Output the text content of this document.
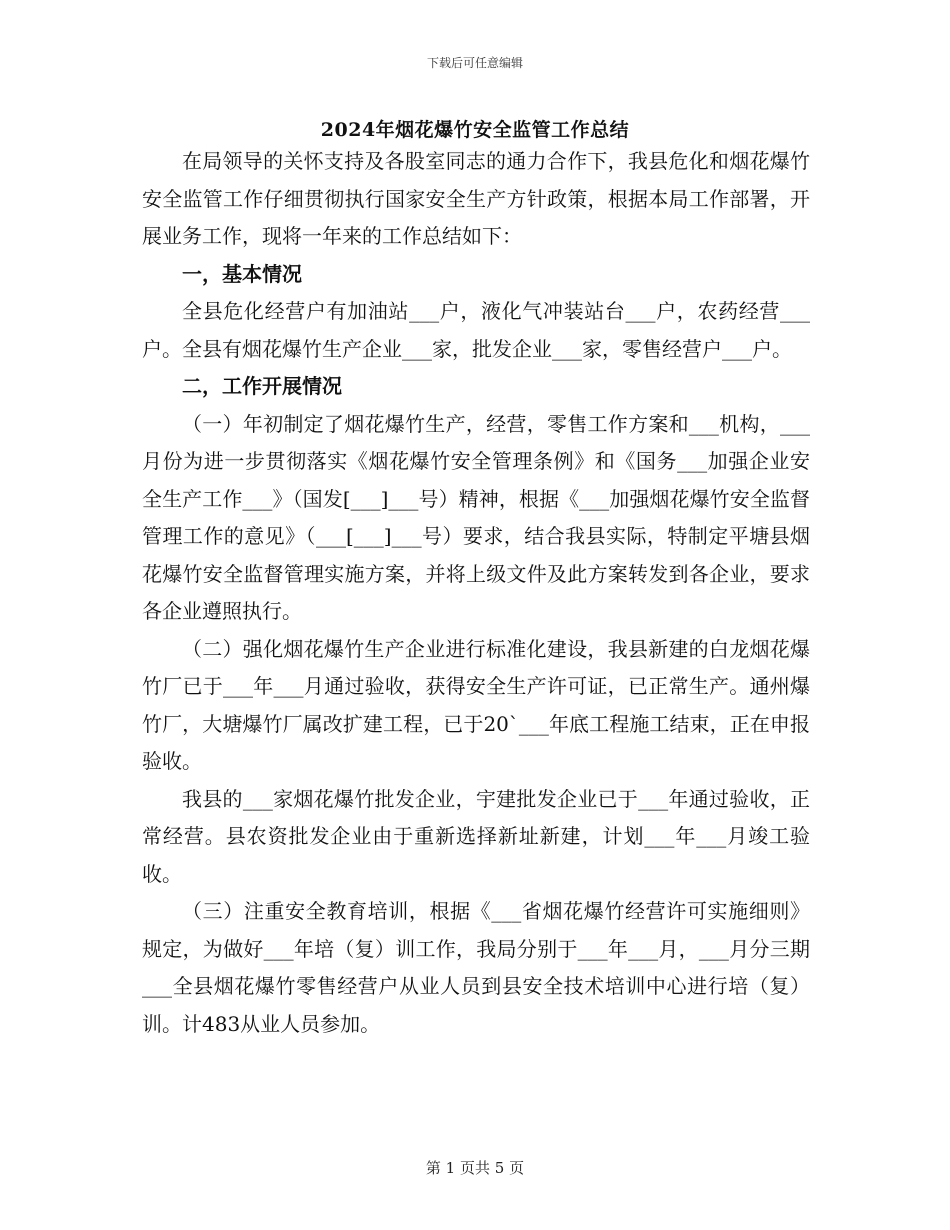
下载后可任意编辑
2024年烟花爆竹安全监管工作总结

在局领导的关怀支持及各股室同志的通力合作下，我县危化和烟花爆竹安全监管工作仔细贯彻执行国家安全生产方针政策，根据本局工作部署，开展业务工作，现将一年来的工作总结如下：

一，基本情况

全县危化经营户有加油站___户，液化气冲装站台___户，农药经营___户。全县有烟花爆竹生产企业___家，批发企业___家，零售经营户___户。

二，工作开展情况

（一）年初制定了烟花爆竹生产，经营，零售工作方案和___机构，___月份为进一步贯彻落实《烟花爆竹安全管理条例》和《国务___加强企业安全生产工作___》（国发[___]___号）精神，根据《___加强烟花爆竹安全监督管理工作的意见》（___[___]___号）要求，结合我县实际，特制定平塘县烟花爆竹安全监督管理实施方案，并将上级文件及此方案转发到各企业，要求各企业遵照执行。

（二）强化烟花爆竹生产企业进行标准化建设，我县新建的白龙烟花爆竹厂已于___年___月通过验收，获得安全生产许可证，已正常生产。通州爆竹厂，大塘爆竹厂属改扩建工程，已于20`___年底工程施工结束，正在申报验收。

我县的___家烟花爆竹批发企业，宇建批发企业已于___年通过验收，正常经营。县农资批发企业由于重新选择新址新建，计划___年___月竣工验收。

（三）注重安全教育培训，根据《___省烟花爆竹经营许可实施细则》规定，为做好___年培（复）训工作，我局分别于___年___月，___月分三期___全县烟花爆竹零售经营户从业人员到县安全技术培训中心进行培（复）训。计483从业人员参加。

第 1 页共 5 页
